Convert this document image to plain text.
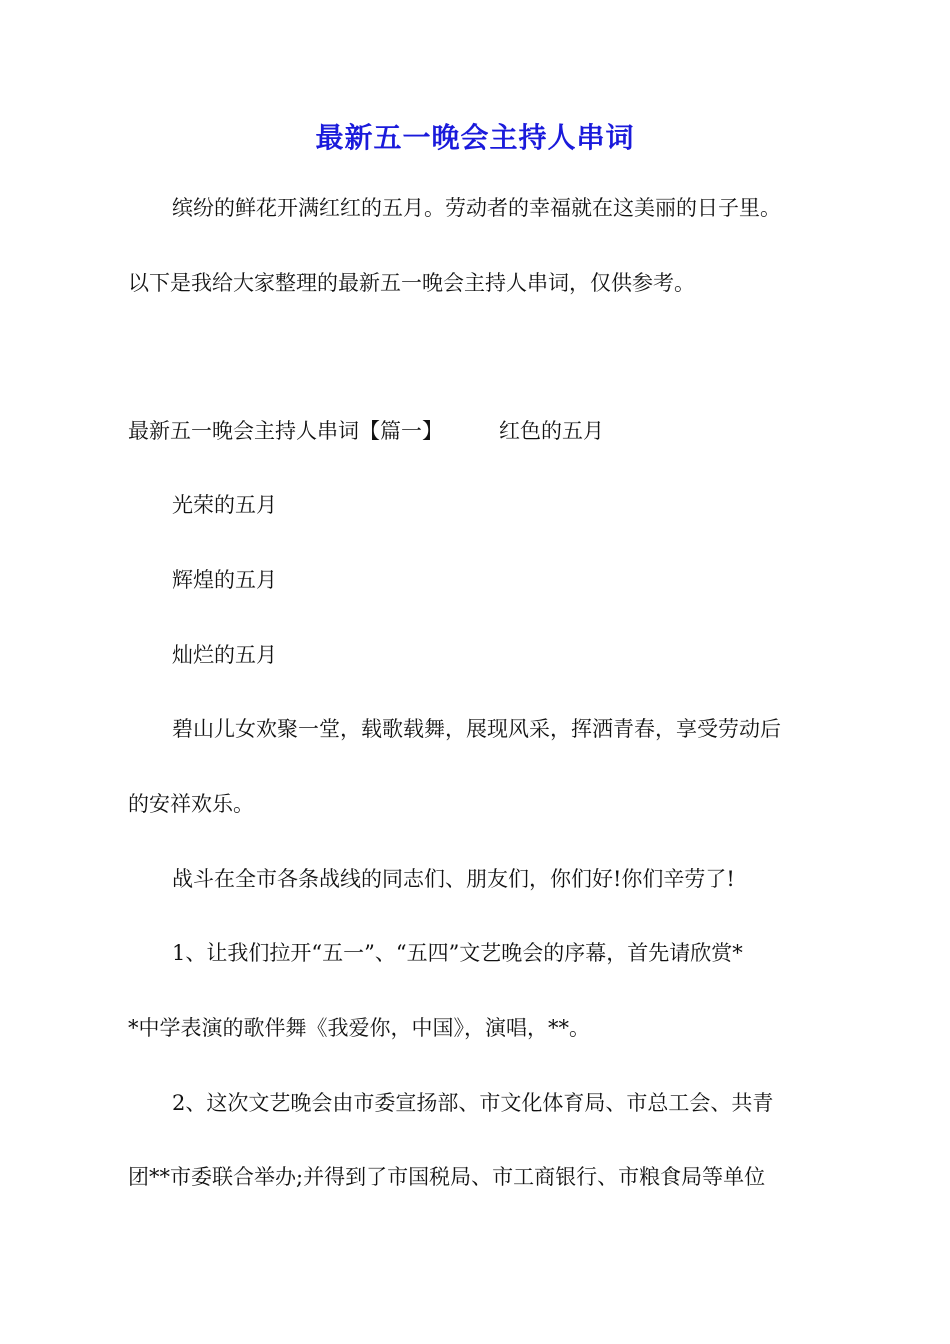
最新五一晚会主持人串词
缤纷的鲜花开满红红的五月。劳动者的幸福就在这美丽的日子里。
以下是我给大家整理的最新五一晚会主持人串词，仅供参考。
最新五一晚会主持人串词【篇一】	红色的五月
光荣的五月
辉煌的五月
灿烂的五月
碧山儿女欢聚一堂，载歌载舞，展现风采，挥洒青春，享受劳动后
的安祥欢乐。
战斗在全市各条战线的同志们、朋友们，你们好!你们辛劳了!
1、让我们拉开“五一”、“五四”文艺晚会的序幕，首先请欣赏*
*中学表演的歌伴舞《我爱你，中国》，演唱，**。
2、这次文艺晚会由市委宣扬部、市文化体育局、市总工会、共青
团**市委联合举办;并得到了市国税局、市工商银行、市粮食局等单位
